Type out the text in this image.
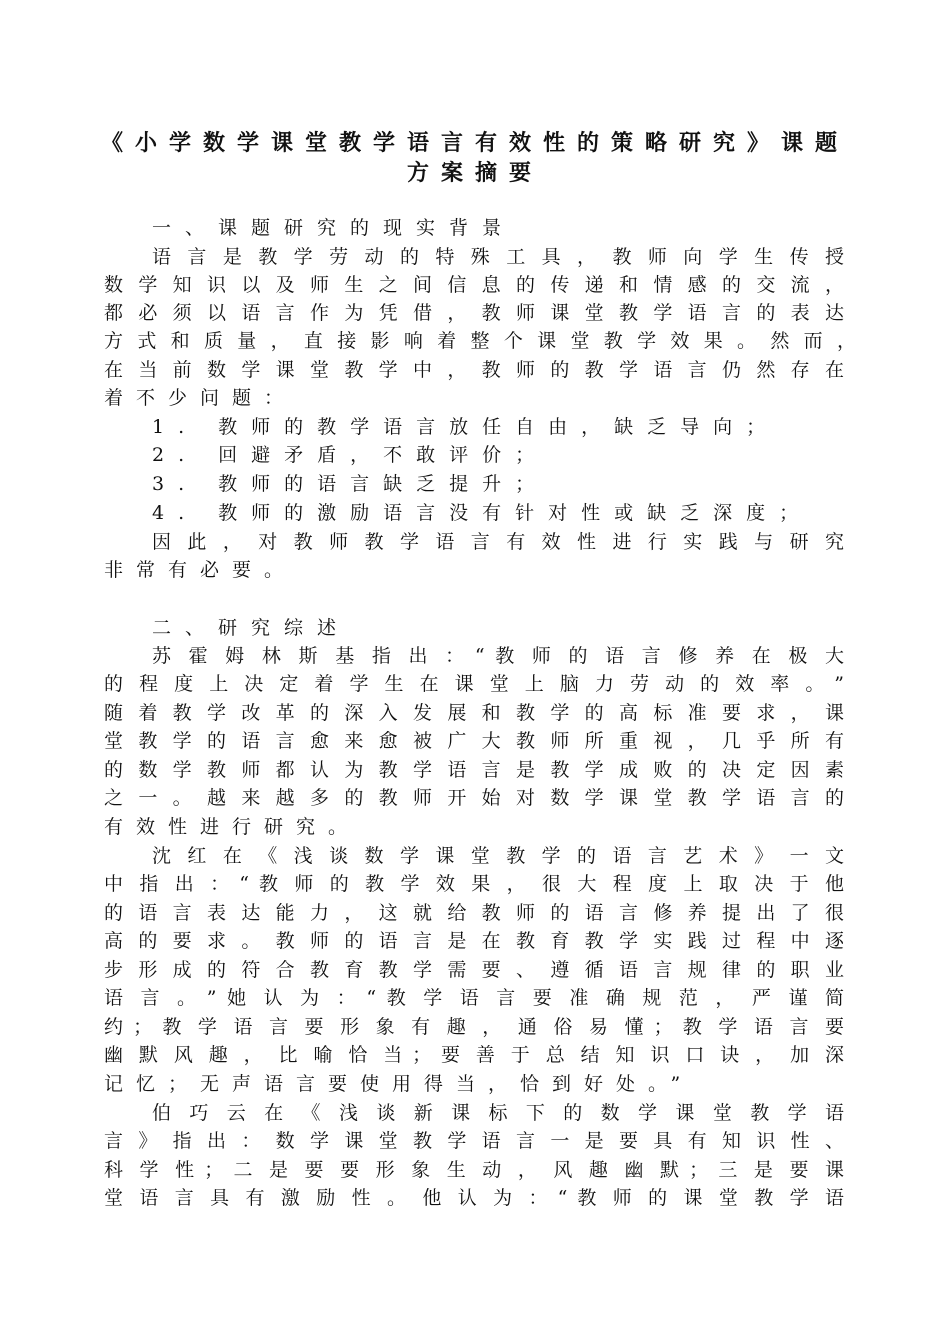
《小学数学课堂教学语言有效性的策略研究》课题
方案摘要
一、课题研究的现实背景
语 言 是 教 学 劳 动 的 特 殊 工 具 ， 教 师 向 学 生 传 授
数 学 知 识 以 及 师 生 之 间 信 息 的 传 递 和 情 感 的 交 流 ，
都 必 须 以 语 言 作 为 凭 借 ， 教 师 课 堂 教 学 语 言 的 表 达
方 式 和 质 量 ， 直 接 影 响 着 整 个 课 堂 教 学 效 果 。 然 而 ，
在 当 前 数 学 课 堂 教 学 中 ， 教 师 的 教 学 语 言 仍 然 存 在
着不少问题：
1. 教师的教学语言放任自由，缺乏导向；
2. 回避矛盾，不敢评价；
3. 教师的语言缺乏提升；
4. 教师的激励语言没有针对性或缺乏深度；
因 此 ， 对 教 师 教 学 语 言 有 效 性 进 行 实 践 与 研 究
非常有必要。
二、研究综述
苏 霍 姆 林 斯 基 指 出 ： “ 教 师 的 语 言 修 养 在 极 大
的 程 度 上 决 定 着 学 生 在 课 堂 上 脑 力 劳 动 的 效 率 。 ”
随 着 教 学 改 革 的 深 入 发 展 和 教 学 的 高 标 准 要 求 ， 课
堂 教 学 的 语 言 愈 来 愈 被 广 大 教 师 所 重 视 ， 几 乎 所 有
的 数 学 教 师 都 认 为 教 学 语 言 是 教 学 成 败 的 决 定 因 素
之 一 。 越 来 越 多 的 教 师 开 始 对 数 学 课 堂 教 学 语 言 的
有效性进行研究。
沈 红 在 《 浅 谈 数 学 课 堂 教 学 的 语 言 艺 术 》 一 文
中 指 出 ： “ 教 师 的 教 学 效 果 ， 很 大 程 度 上 取 决 于 他
的 语 言 表 达 能 力 ， 这 就 给 教 师 的 语 言 修 养 提 出 了 很
高 的 要 求 。 教 师 的 语 言 是 在 教 育 教 学 实 践 过 程 中 逐
步 形 成 的 符 合 教 育 教 学 需 要 、 遵 循 语 言 规 律 的 职 业
语 言 。 ” 她 认 为 ： “ 教 学 语 言 要 准 确 规 范 ， 严 谨 简
约 ； 教 学 语 言 要 形 象 有 趣 ， 通 俗 易 懂 ； 教 学 语 言 要
幽 默 风 趣 ， 比 喻 恰 当 ； 要 善 于 总 结 知 识 口 诀 ， 加 深
记忆；无声语言要使用得当，恰到好处。”
伯 巧 云 在 《 浅 谈 新 课 标 下 的 数 学 课 堂 教 学 语
言 》 指 出 ： 数 学 课 堂 教 学 语 言 一 是 要 具 有 知 识 性 、
科 学 性 ； 二 是 要 要 形 象 生 动 ， 风 趣 幽 默 ； 三 是 要 课
堂 语 言 具 有 激 励 性 。 他 认 为 ： “ 教 师 的 课 堂 教 学 语
